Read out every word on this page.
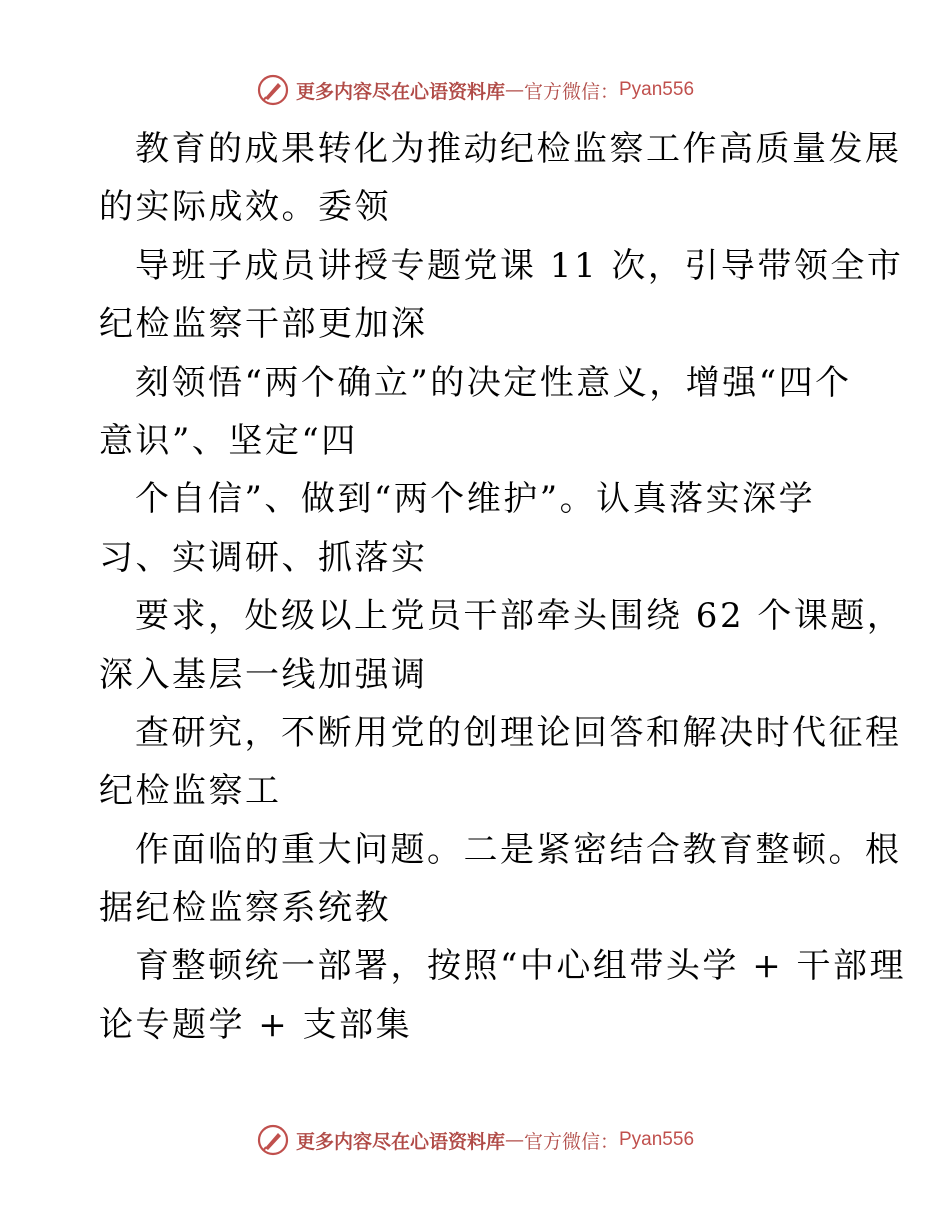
更多内容尽在心语资料库 — 官方微信： Pyan556
教育的成果转化为推动纪检监察工作高质量发展
的实际成效。委领
导班子成员讲授专题党课 11 次，引导带领全市
纪检监察干部更加深
刻领悟“两个确立”的决定性意义，增强“四个
意识”、坚定“四
个自信”、做到“两个维护”。认真落实深学
习、实调研、抓落实
要求，处级以上党员干部牵头围绕 62 个课题，
深入基层一线加强调
查研究，不断用党的创理论回答和解决时代征程
纪检监察工
作面临的重大问题。二是紧密结合教育整顿。根
据纪检监察系统教
育整顿统一部署，按照“中心组带头学 + 干部理
论专题学 + 支部集
更多内容尽在心语资料库 — 官方微信： Pyan556
